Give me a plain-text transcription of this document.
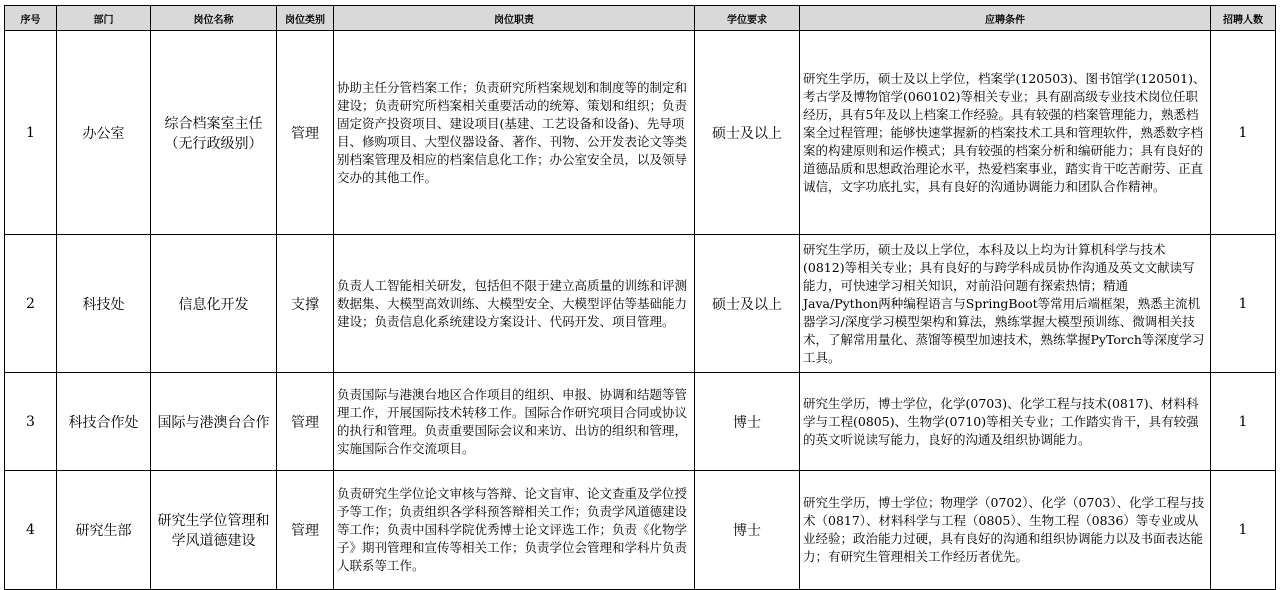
序号	部门	岗位名称	岗位类别	岗位职责	学位要求	应聘条件	招聘人数
1	办公室	综合档案室主任（无行政级别）	管理	协助主任分管档案工作；负责研究所档案规划和制度等的制定和建设；负责研究所档案相关重要活动的统筹、策划和组织；负责固定资产投资项目、建设项目(基建、工艺设备和设备)、先导项目、修购项目、大型仪器设备、著作、刊物、公开发表论文等类别档案管理及相应的档案信息化工作；办公室安全员，以及领导交办的其他工作。	硕士及以上	研究生学历，硕士及以上学位，档案学(120503)、图书馆学(120501)、考古学及博物馆学(060102)等相关专业；具有副高级专业技术岗位任职经历，具有5年及以上档案工作经验。具有较强的档案管理能力，熟悉档案全过程管理；能够快速掌握新的档案技术工具和管理软件，熟悉数字档案的构建原则和运作模式；具有较强的档案分析和编研能力；具有良好的道德品质和思想政治理论水平，热爱档案事业，踏实肯干吃苦耐劳、正直诚信，文字功底扎实，具有良好的沟通协调能力和团队合作精神。	1
2	科技处	信息化开发	支撑	负责人工智能相关研发，包括但不限于建立高质量的训练和评测数据集、大模型高效训练、大模型安全、大模型评估等基础能力建设；负责信息化系统建设方案设计、代码开发、项目管理。	硕士及以上	研究生学历，硕士及以上学位，本科及以上均为计算机科学与技术(0812)等相关专业；具有良好的与跨学科成员协作沟通及英文文献读写能力，可快速学习相关知识，对前沿问题有探索热情；精通 Java/Python两种编程语言与SpringBoot等常用后端框架，熟悉主流机器学习/深度学习模型架构和算法，熟练掌握大模型预训练、微调相关技术，了解常用量化、蒸馏等模型加速技术，熟练掌握PyTorch等深度学习工具。	1
3	科技合作处	国际与港澳台合作	管理	负责国际与港澳台地区合作项目的组织、申报、协调和结题等管理工作，开展国际技术转移工作。国际合作研究项目合同或协议的执行和管理。负责重要国际会议和来访、出访的组织和管理，实施国际合作交流项目。	博士	研究生学历，博士学位，化学(0703)、化学工程与技术(0817)、材料科学与工程(0805)、生物学(0710)等相关专业；工作踏实肯干，具有较强的英文听说读写能力，良好的沟通及组织协调能力。	1
4	研究生部	研究生学位管理和学风道德建设	管理	负责研究生学位论文审核与答辩、论文盲审、论文查重及学位授予等工作；负责组织各学科预答辩相关工作；负责学风道德建设等工作；负责中国科学院优秀博士论文评选工作；负责《化物学子》期刊管理和宣传等相关工作；负责学位会管理和学科片负责人联系等工作。	博士	研究生学历，博士学位；物理学（0702）、化学（0703）、化学工程与技术（0817）、材料科学与工程（0805）、生物工程（0836）等专业或从业经验；政治能力过硬，具有良好的沟通和组织协调能力以及书面表达能力；有研究生管理相关工作经历者优先。	1
